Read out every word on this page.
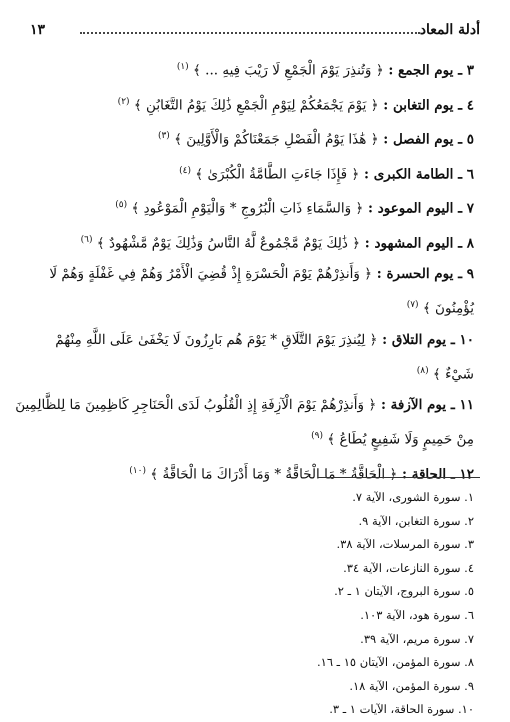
أدلة المعاد
١٣
٣ ـ يوم الجمع : ﴿ وَتُنذِرَ يَوْمَ الْجَمْعِ لَا رَيْبَ فِيهِ ... ﴾ $^{(١)}$
٤ ـ يوم التغابن : ﴿ يَوْمَ يَجْمَعُكُمْ لِيَوْمِ الْجَمْعِ ذَٰلِكَ يَوْمُ التَّغَابُنِ ﴾ $^{(٢)}$
٥ ـ يوم الفصل : ﴿ هَٰذَا يَوْمُ الْفَصْلِ جَمَعْنَاكُمْ وَالْأَوَّلِينَ ﴾ $^{(٣)}$
٦ ـ الطامة الكبرى : ﴿ فَإِذَا جَاءَتِ الطَّامَّةُ الْكُبْرَىٰ ﴾ $^{(٤)}$
٧ ـ اليوم الموعود : ﴿ وَالسَّمَاءِ ذَاتِ الْبُرُوجِ * وَالْيَوْمِ الْمَوْعُودِ ﴾ $^{(٥)}$
٨ ـ اليوم المشهود : ﴿ ذَٰلِكَ يَوْمٌ مَّجْمُوعٌ لَّهُ النَّاسُ وَذَٰلِكَ يَوْمٌ مَّشْهُودٌ ﴾ $^{(٦)}$
٩ ـ يوم الحسرة : ﴿ وَأَنذِرْهُمْ يَوْمَ الْحَسْرَةِ إِذْ قُضِيَ الْأَمْرُ وَهُمْ فِي غَفْلَةٍ وَهُمْ لَا
يُؤْمِنُونَ ﴾ $^{(٧)}$
١٠ ـ يوم التلاق : ﴿ لِيُنذِرَ يَوْمَ التَّلَاقِ * يَوْمَ هُم بَارِزُونَ لَا يَخْفَىٰ عَلَى اللَّهِ مِنْهُمْ
شَيْءٌ ﴾ $^{(٨)}$
١١ ـ يوم الآزفة : ﴿ وَأَنذِرْهُمْ يَوْمَ الْآزِفَةِ إِذِ الْقُلُوبُ لَدَى الْحَنَاجِرِ كَاظِمِينَ مَا لِلظَّالِمِينَ
مِنْ حَمِيمٍ وَلَا شَفِيعٍ يُطَاعُ ﴾ $^{(٩)}$
١٢ ـ الحاقة : ﴿ الْحَاقَّةُ * مَا الْحَاقَّةُ * وَمَا أَدْرَاكَ مَا الْحَاقَّةُ ﴾ $^{(١٠)}$
١. سورة الشورى، الآية ٧.
٢. سورة التغابن، الآية ٩.
٣. سورة المرسلات، الآية ٣٨.
٤. سورة النازعات، الآية ٣٤.
٥. سورة البروج، الآيتان ١ ـ ٢.
٦. سورة هود، الآية ١٠٣.
٧. سورة مريم، الآية ٣٩.
٨. سورة المؤمن، الآيتان ١٥ ـ ١٦.
٩. سورة المؤمن، الآية ١٨.
١٠. سورة الحاقة، الآيات ١ ـ ٣.
